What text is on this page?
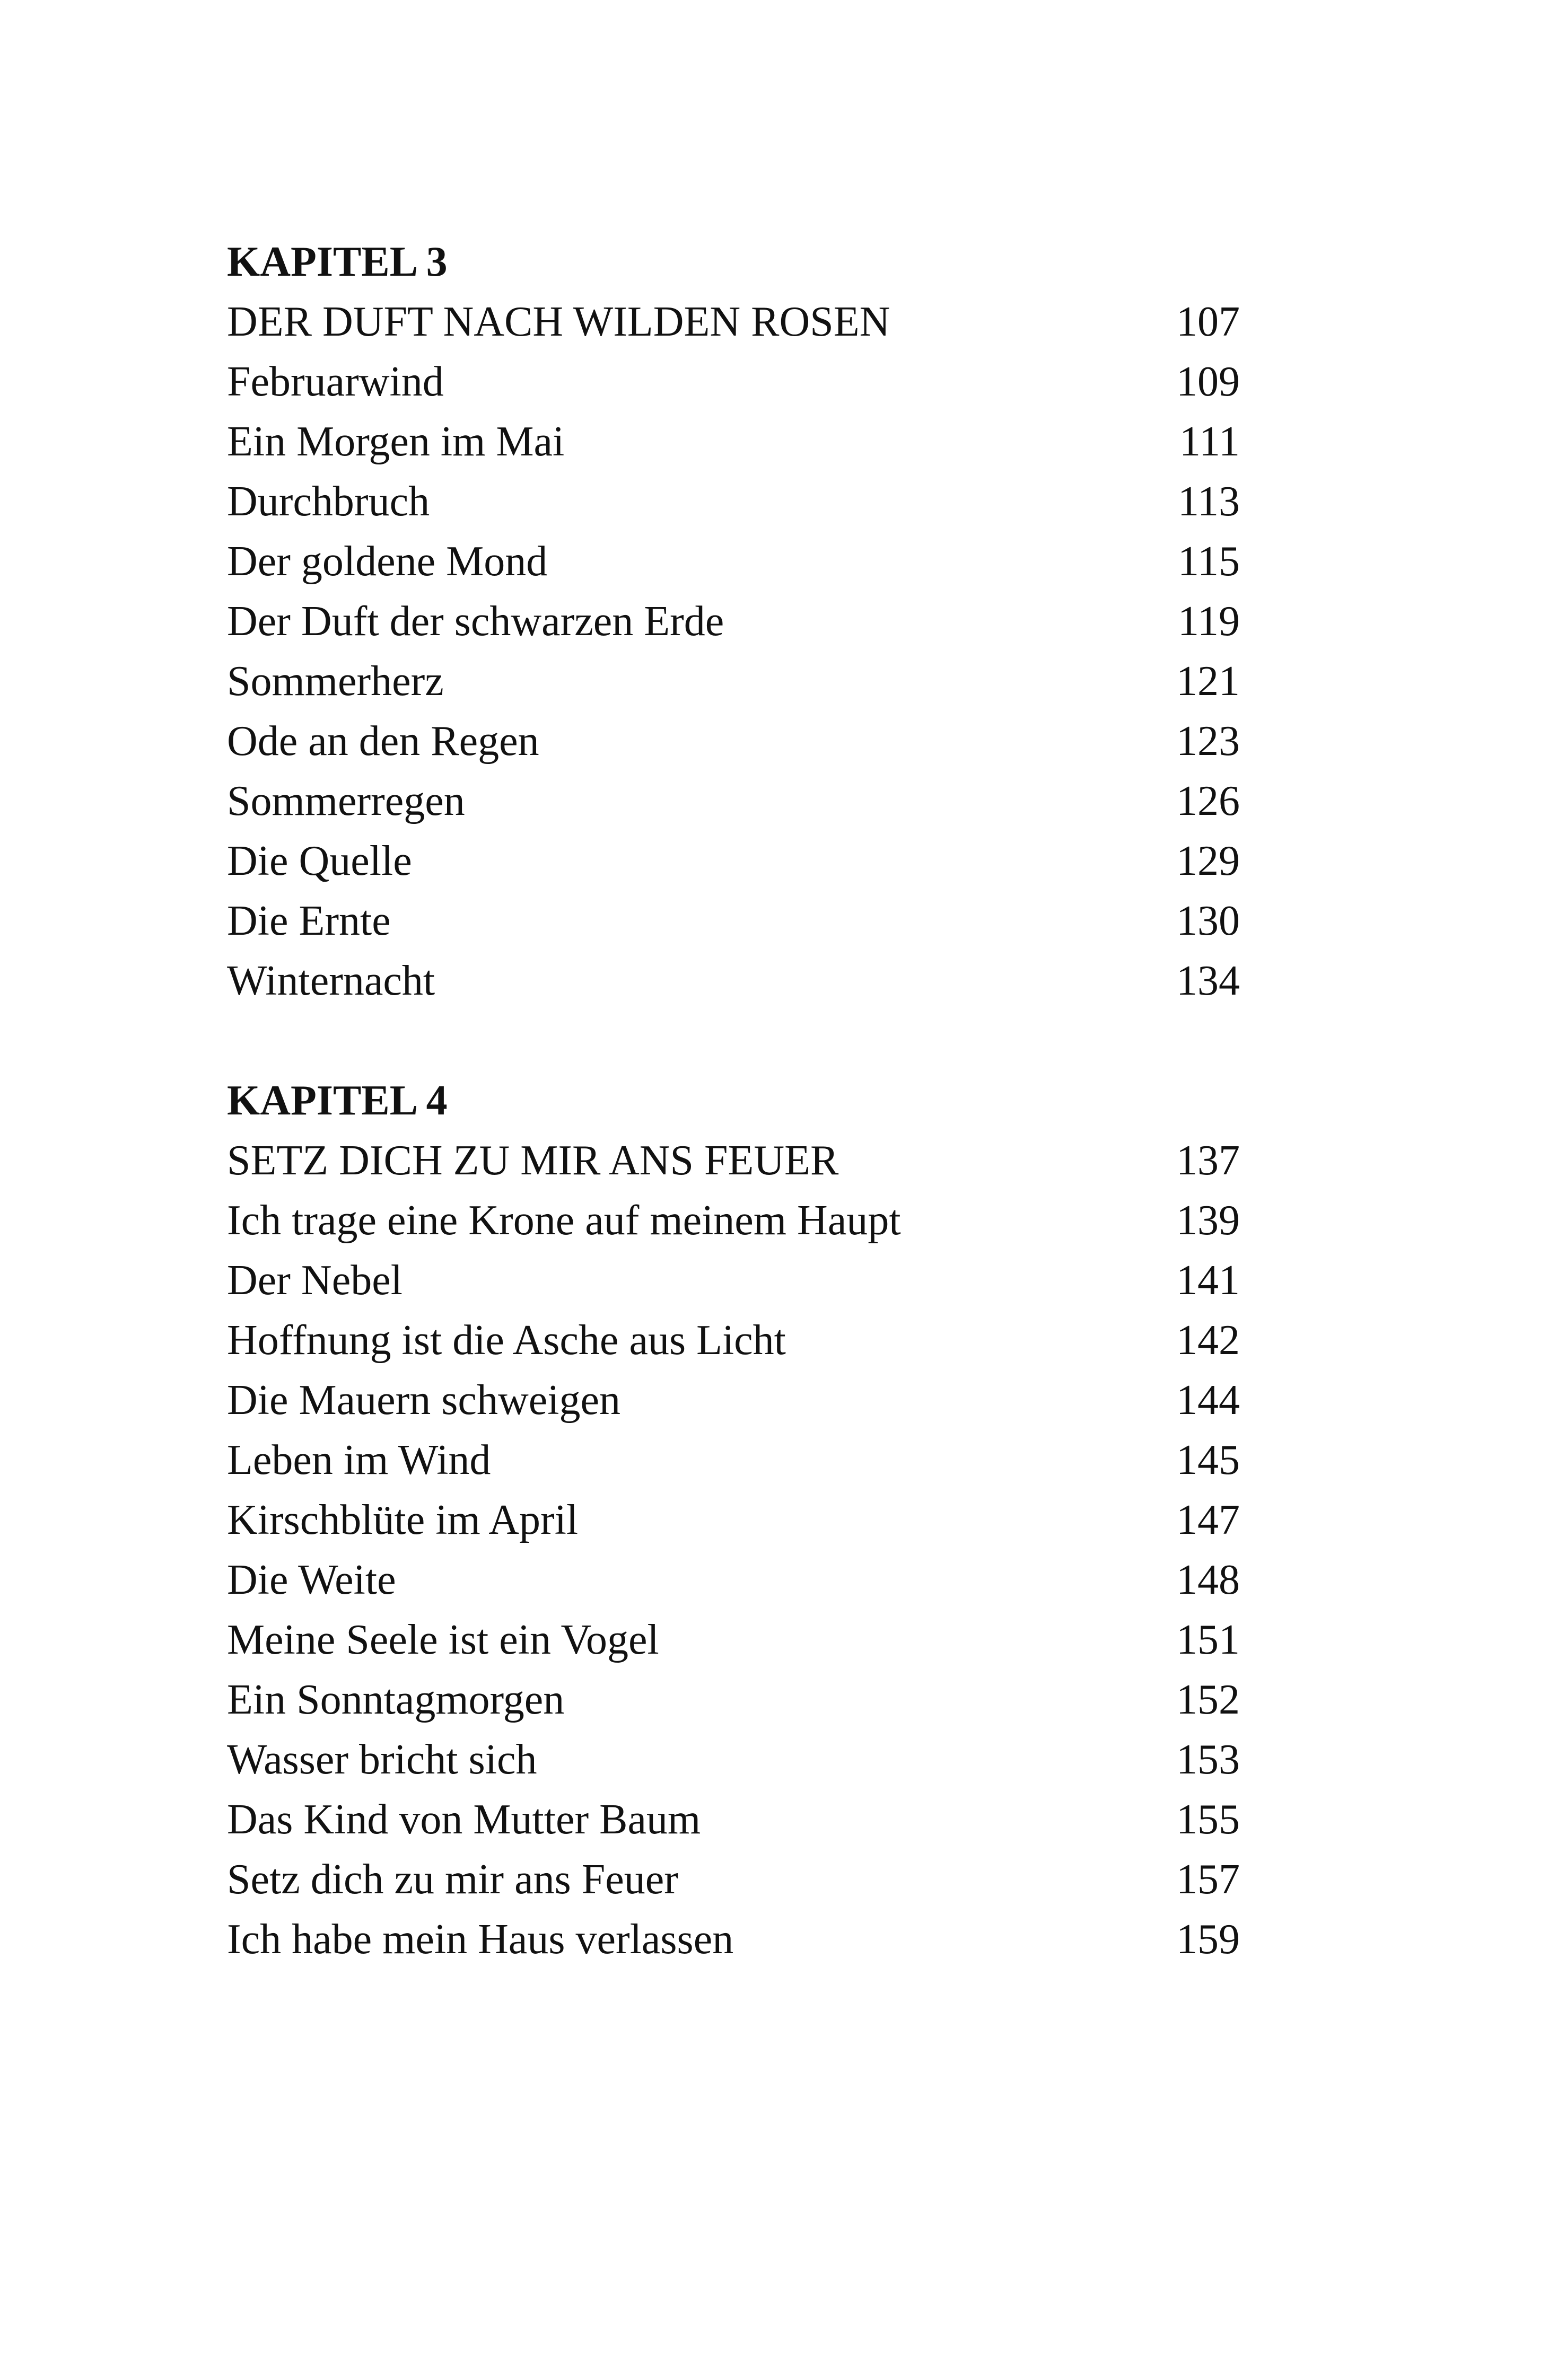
KAPITEL 3
DER DUFT NACH WILDEN ROSEN	107
Februarwind	109
Ein Morgen im Mai	111
Durchbruch	113
Der goldene Mond	115
Der Duft der schwarzen Erde	119
Sommerherz	121
Ode an den Regen	123
Sommerregen	126
Die Quelle	129
Die Ernte	130
Winternacht	134
KAPITEL 4
SETZ DICH ZU MIR ANS FEUER	137
Ich trage eine Krone auf meinem Haupt	139
Der Nebel	141
Hoffnung ist die Asche aus Licht	142
Die Mauern schweigen	144
Leben im Wind	145
Kirschblüte im April	147
Die Weite	148
Meine Seele ist ein Vogel	151
Ein Sonntagmorgen	152
Wasser bricht sich	153
Das Kind von Mutter Baum	155
Setz dich zu mir ans Feuer	157
Ich habe mein Haus verlassen	159
